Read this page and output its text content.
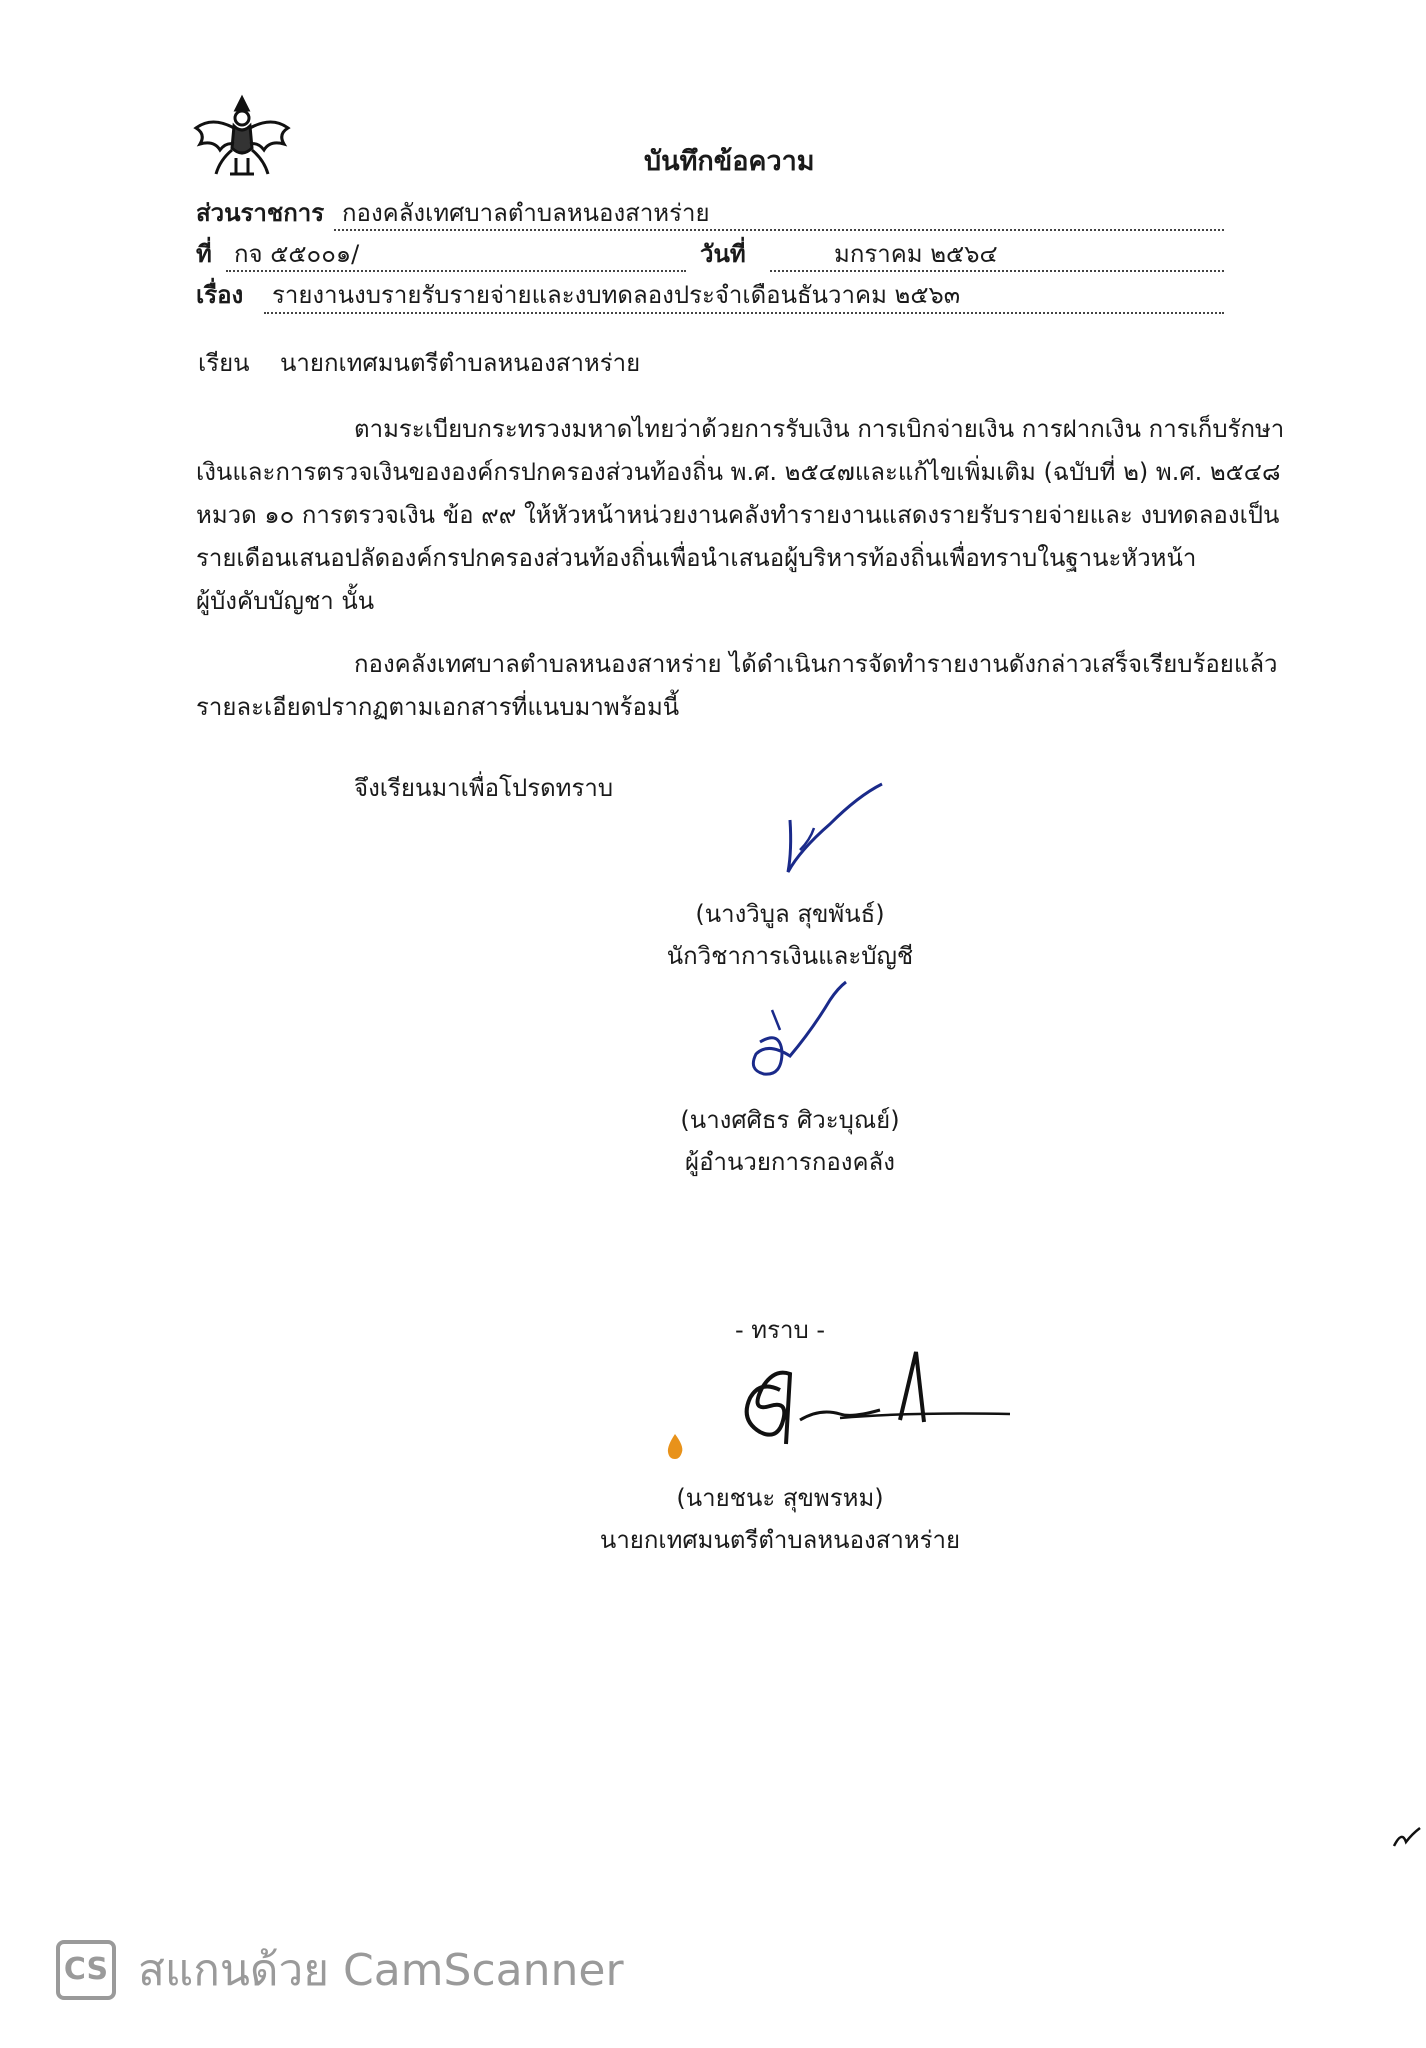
บันทึกข้อความ
ส่วนราชการ กองคลังเทศบาลตำบลหนองสาหร่าย
ที่ กจ ๕๕๐๐๑/	วันที่	มกราคม ๒๕๖๔
เรื่อง รายงานงบรายรับรายจ่ายและงบทดลองประจำเดือนธันวาคม ๒๕๖๓
เรียน นายกเทศมนตรีตำบลหนองสาหร่าย
ตามระเบียบกระทรวงมหาดไทยว่าด้วยการรับเงิน การเบิกจ่ายเงิน การฝากเงิน การเก็บรักษา
เงินและการตรวจเงินขององค์กรปกครองส่วนท้องถิ่น พ.ศ. ๒๕๔๗และแก้ไขเพิ่มเติม (ฉบับที่ ๒) พ.ศ. ๒๕๔๘
หมวด ๑๐ การตรวจเงิน ข้อ ๙๙ ให้หัวหน้าหน่วยงานคลังทำรายงานแสดงรายรับรายจ่ายและ งบทดลองเป็น
รายเดือนเสนอปลัดองค์กรปกครองส่วนท้องถิ่นเพื่อนำเสนอผู้บริหารท้องถิ่นเพื่อทราบในฐานะหัวหน้า
ผู้บังคับบัญชา นั้น
กองคลังเทศบาลตำบลหนองสาหร่าย ได้ดำเนินการจัดทำรายงานดังกล่าวเสร็จเรียบร้อยแล้ว
รายละเอียดปรากฏตามเอกสารที่แนบมาพร้อมนี้
จึงเรียนมาเพื่อโปรดทราบ
(นางวิบูล สุขพันธ์)
นักวิชาการเงินและบัญชี
(นางศศิธร ศิวะบุณย์)
ผู้อำนวยการกองคลัง
- ทราบ -
(นายชนะ สุขพรหม)
นายกเทศมนตรีตำบลหนองสาหร่าย
CS สแกนด้วย CamScanner
